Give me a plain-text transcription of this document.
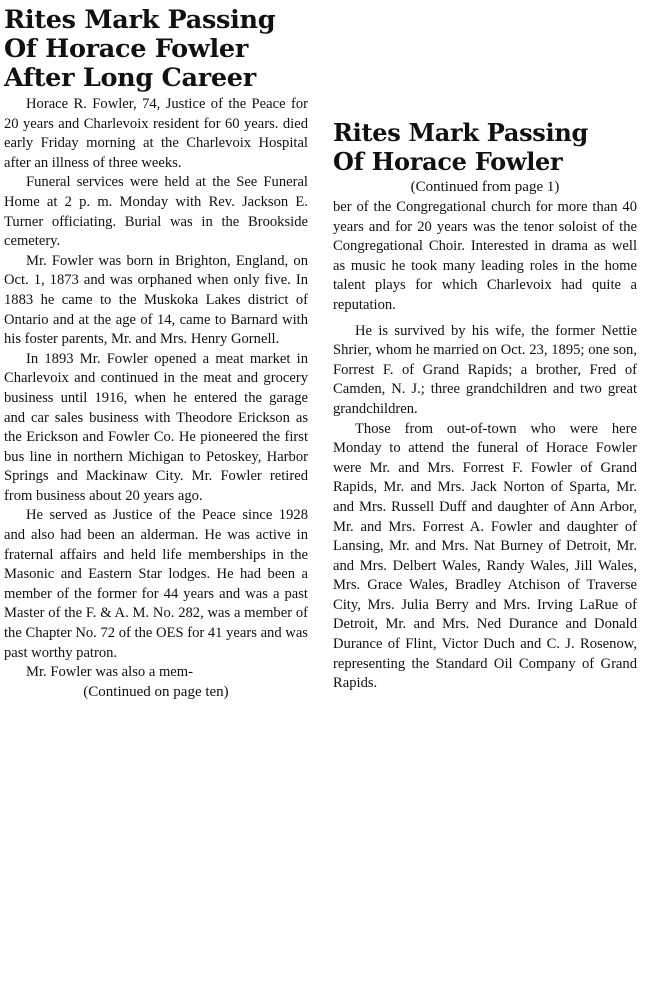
Rites Mark Passing
Of Horace Fowler
After Long Career

Horace R. Fowler, 74, Justice of the Peace for 20 years and Charlevoix resident for 60 years. died early Friday morning at the Charlevoix Hospital after an illness of three weeks.

Funeral services were held at the See Funeral Home at 2 p. m. Monday with Rev. Jackson E. Turner officiating. Burial was in the Brookside cemetery.

Mr. Fowler was born in Brighton, England, on Oct. 1, 1873 and was orphaned when only five. In 1883 he came to the Muskoka Lakes district of Ontario and at the age of 14, came to Barnard with his foster parents, Mr. and Mrs. Henry Gornell.

In 1893 Mr. Fowler opened a meat market in Charlevoix and continued in the meat and grocery business until 1916, when he entered the garage and car sales business with Theodore Erickson as the Erickson and Fowler Co. He pioneered the first bus line in northern Michigan to Petoskey, Harbor Springs and Mackinaw City. Mr. Fowler retired from business about 20 years ago.

He served as Justice of the Peace since 1928 and also had been an alderman. He was active in fraternal affairs and held life memberships in the Masonic and Eastern Star lodges. He had been a member of the former for 44 years and was a past Master of the F. & A. M. No. 282, was a member of the Chapter No. 72 of the OES for 41 years and was past worthy patron.

Mr. Fowler was also a mem-

(Continued on page ten)

Rites Mark Passing
Of Horace Fowler

(Continued from page 1)

ber of the Congregational church for more than 40 years and for 20 years was the tenor soloist of the Congregational Choir. Interested in drama as well as music he took many leading roles in the home talent plays for which Charlevoix had quite a reputation.

He is survived by his wife, the former Nettie Shrier, whom he married on Oct. 23, 1895; one son, Forrest F. of Grand Rapids; a brother, Fred of Camden, N. J.; three grandchildren and two great grandchildren.

Those from out-of-town who were here Monday to attend the funeral of Horace Fowler were Mr. and Mrs. Forrest F. Fowler of Grand Rapids, Mr. and Mrs. Jack Norton of Sparta, Mr. and Mrs. Russell Duff and daughter of Ann Arbor, Mr. and Mrs. Forrest A. Fowler and daughter of Lansing, Mr. and Mrs. Nat Burney of Detroit, Mr. and Mrs. Delbert Wales, Randy Wales, Jill Wales, Mrs. Grace Wales, Bradley Atchison of Traverse City, Mrs. Julia Berry and Mrs. Irving LaRue of Detroit, Mr. and Mrs. Ned Durance and Donald Durance of Flint, Victor Duch and C. J. Rosenow, representing the Standard Oil Company of Grand Rapids.
